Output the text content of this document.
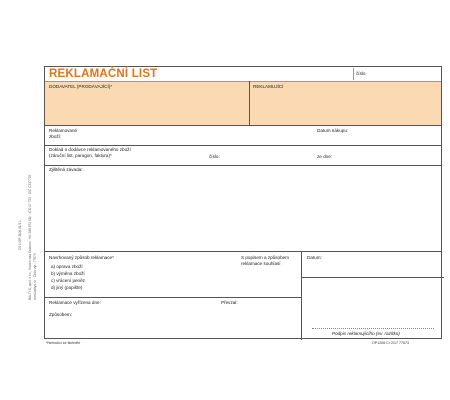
ZS 1 OR 1106 01/1 L BALTYS, spol. s r.o., Kralice nad Oslavou · tel. 568 872 111 · IČO 17 725 · DIČ CZ17725 www.baltys.cz · Číslo výr.: 77673
REKLAMAČNÍ LIST	číslo
DODAVATEL (PRODÁVAJÍCÍ)*	REKLAMUJÍCÍ
Reklamované
zboží:
Datum nákupu:
Doklad o dodávce reklamovaného zboží
(záruční list, paragon, faktura)*	číslo:	ze dne:
Zjištěná závada:
Navrhovaný způsob reklamace*
a) oprava zboží
b) výměna zboží
c) vrácení peněz
d) jiný (popište)
S popisem a způsobem
reklamace souhlasí
Datum:
Reklamace vyřízena dne:	Převzal:
Způsobem:
Podpis reklamujícího (ev. razítko)
*Nehodící se škrtněte	OP1206 Cr 2/17 77673
